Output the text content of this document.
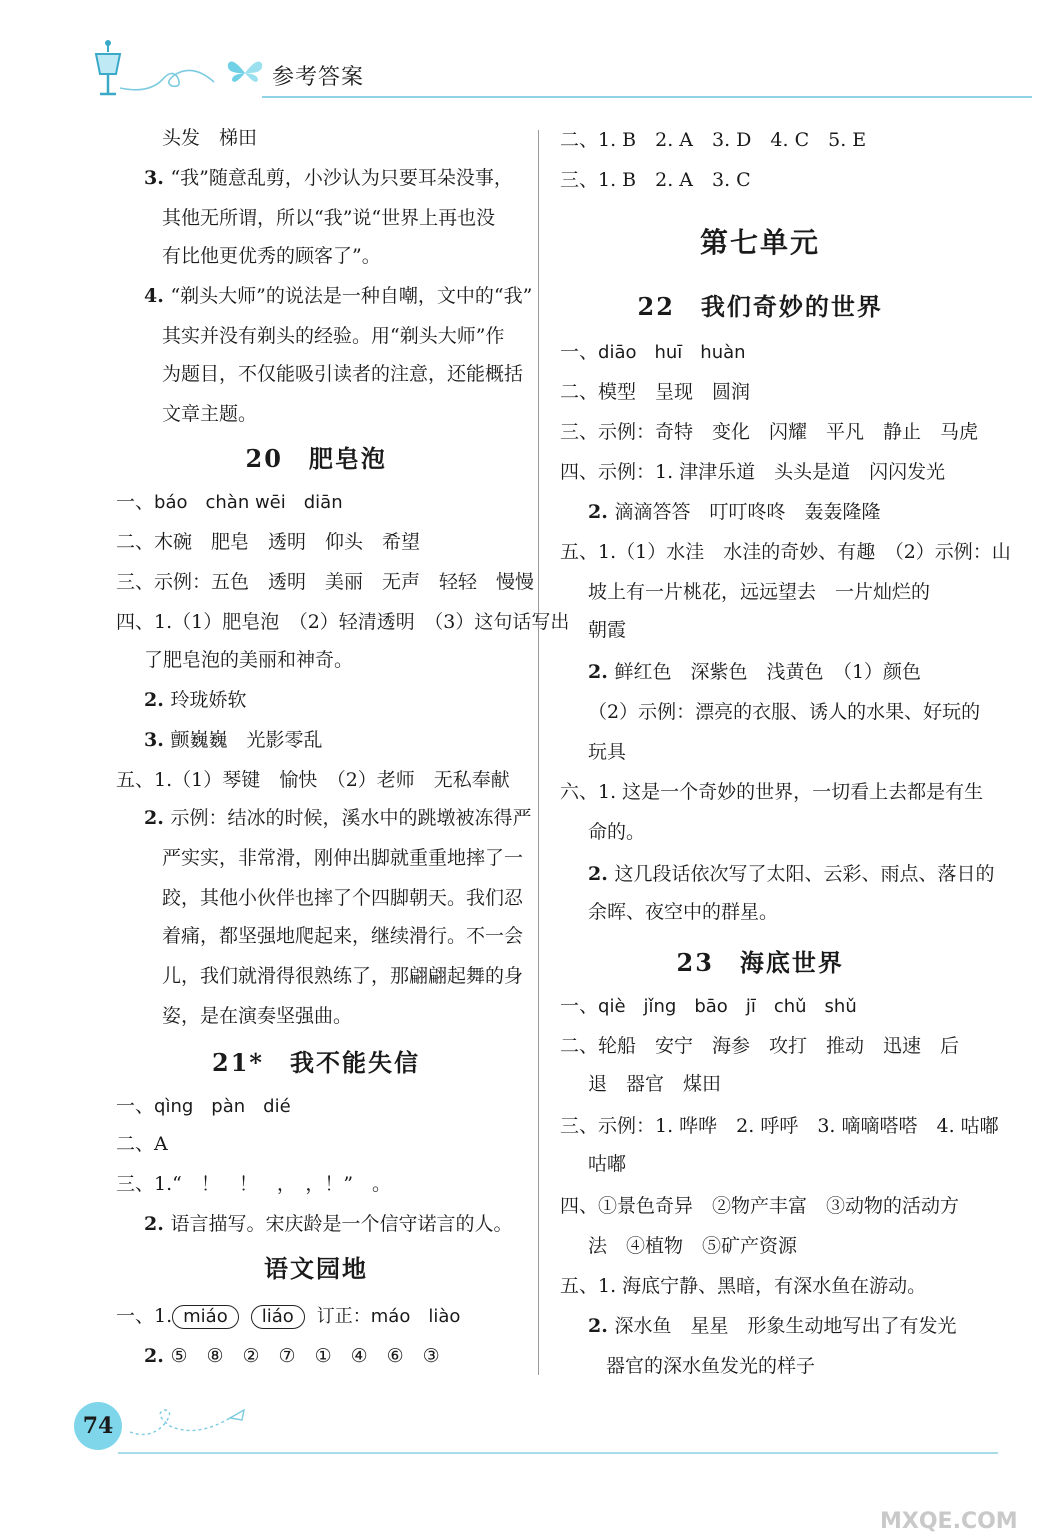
参考答案
头发　梯田
3. “我”随意乱剪，小沙认为只要耳朵没事，
其他无所谓，所以“我”说“世界上再也没
有比他更优秀的顾客了”。
4. “剃头大师”的说法是一种自嘲，文中的“我”
其实并没有剃头的经验。用“剃头大师”作
为题目，不仅能吸引读者的注意，还能概括
文章主题。
20　肥皂泡
一、báo　chàn wēi　diān
二、木碗　肥皂　透明　仰头　希望
三、示例：五色　透明　美丽　无声　轻轻　慢慢
四、1.（1）肥皂泡　（2）轻清透明　（3）这句话写出
了肥皂泡的美丽和神奇。
2. 玲珑娇软
3. 颤巍巍　光影零乱
五、1.（1）琴键　愉快　（2）老师　无私奉献
2. 示例：结冰的时候，溪水中的跳墩被冻得严
严实实，非常滑，刚伸出脚就重重地摔了一
跤，其他小伙伴也摔了个四脚朝天。我们忍
着痛，都坚强地爬起来，继续滑行。不一会
儿，我们就滑得很熟练了，那翩翩起舞的身
姿，是在演奏坚强曲。
21*　我不能失信
一、qìng　pàn　dié
二、A
三、1.“　！　！　，　，！”　。
2. 语言描写。宋庆龄是一个信守诺言的人。
语文园地
一、1. miáo liáo 订正：máo　liào
2. ⑤　⑧　②　⑦　①　④　⑥　③
二、1. B　2. A　3. D　4. C　5. E
三、1. B　2. A　3. C
第七单元
22　我们奇妙的世界
一、diāo　huī　huàn
二、模型　呈现　圆润
三、示例：奇特　变化　闪耀　平凡　静止　马虎
四、示例：1. 津津乐道　头头是道　闪闪发光
2. 滴滴答答　叮叮咚咚　轰轰隆隆
五、1.（1）水洼　水洼的奇妙、有趣　（2）示例：山
坡上有一片桃花，远远望去　一片灿烂的
朝霞
2. 鲜红色　深紫色　浅黄色　（1）颜色
（2）示例：漂亮的衣服、诱人的水果、好玩的
玩具
六、1. 这是一个奇妙的世界，一切看上去都是有生
命的。
2. 这几段话依次写了太阳、云彩、雨点、落日的
余晖、夜空中的群星。
23　海底世界
一、qiè　jǐng　bāo　jī　chǔ　shǔ
二、轮船　安宁　海参　攻打　推动　迅速　后
退　器官　煤田
三、示例：1. 哗哗　2. 呼呼　3. 嘀嘀嗒嗒　4. 咕嘟
咕嘟
四、①景色奇异　②物产丰富　③动物的活动方
法　④植物　⑤矿产资源
五、1. 海底宁静、黑暗，有深水鱼在游动。
2. 深水鱼　星星　形象生动地写出了有发光
器官的深水鱼发光的样子
74
MXQE.COM
